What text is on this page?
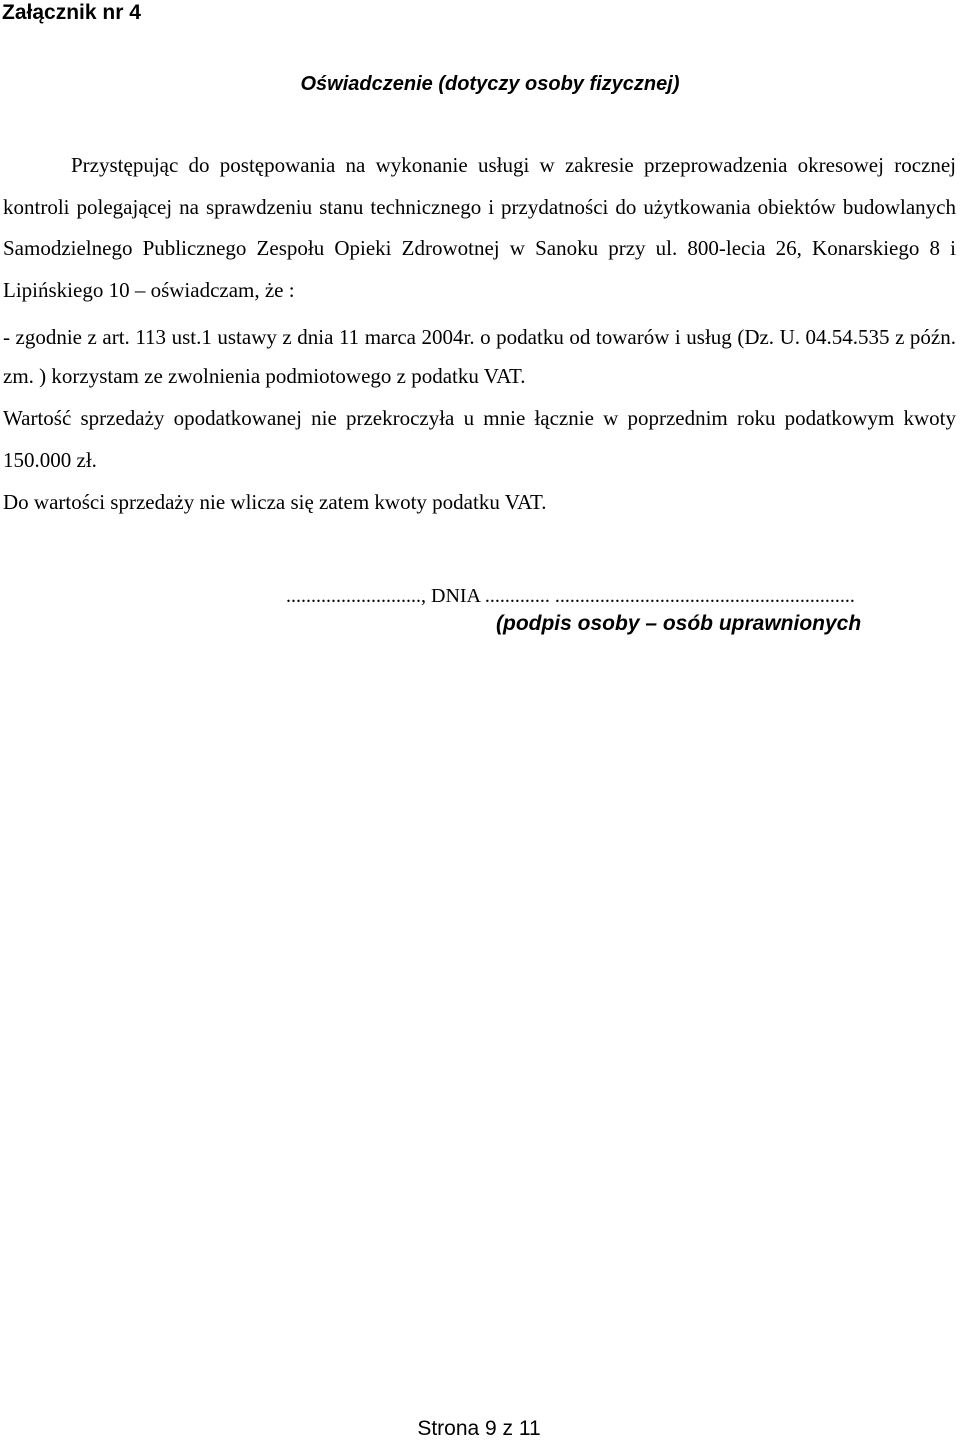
Załącznik nr 4
Oświadczenie (dotyczy osoby fizycznej)

Przystępując do postępowania na wykonanie usługi w zakresie przeprowadzenia okresowej rocznej kontroli polegającej na sprawdzeniu stanu technicznego i przydatności do użytkowania obiektów budowlanych Samodzielnego Publicznego Zespołu Opieki Zdrowotnej w Sanoku przy ul. 800-lecia 26, Konarskiego 8 i Lipińskiego 10 – oświadczam, że :

- zgodnie z art. 113 ust.1 ustawy z dnia 11 marca 2004r. o podatku od towarów i usług (Dz. U. 04.54.535 z późn. zm. ) korzystam ze zwolnienia podmiotowego z podatku VAT.

Wartość sprzedaży opodatkowanej nie przekroczyła u mnie łącznie w poprzednim roku podatkowym kwoty 150.000 zł.

Do wartości sprzedaży nie wlicza się zatem kwoty podatku VAT.

..........................., DNIA ............. ............................................................
(podpis osoby – osób uprawnionych
Strona 9 z 11
